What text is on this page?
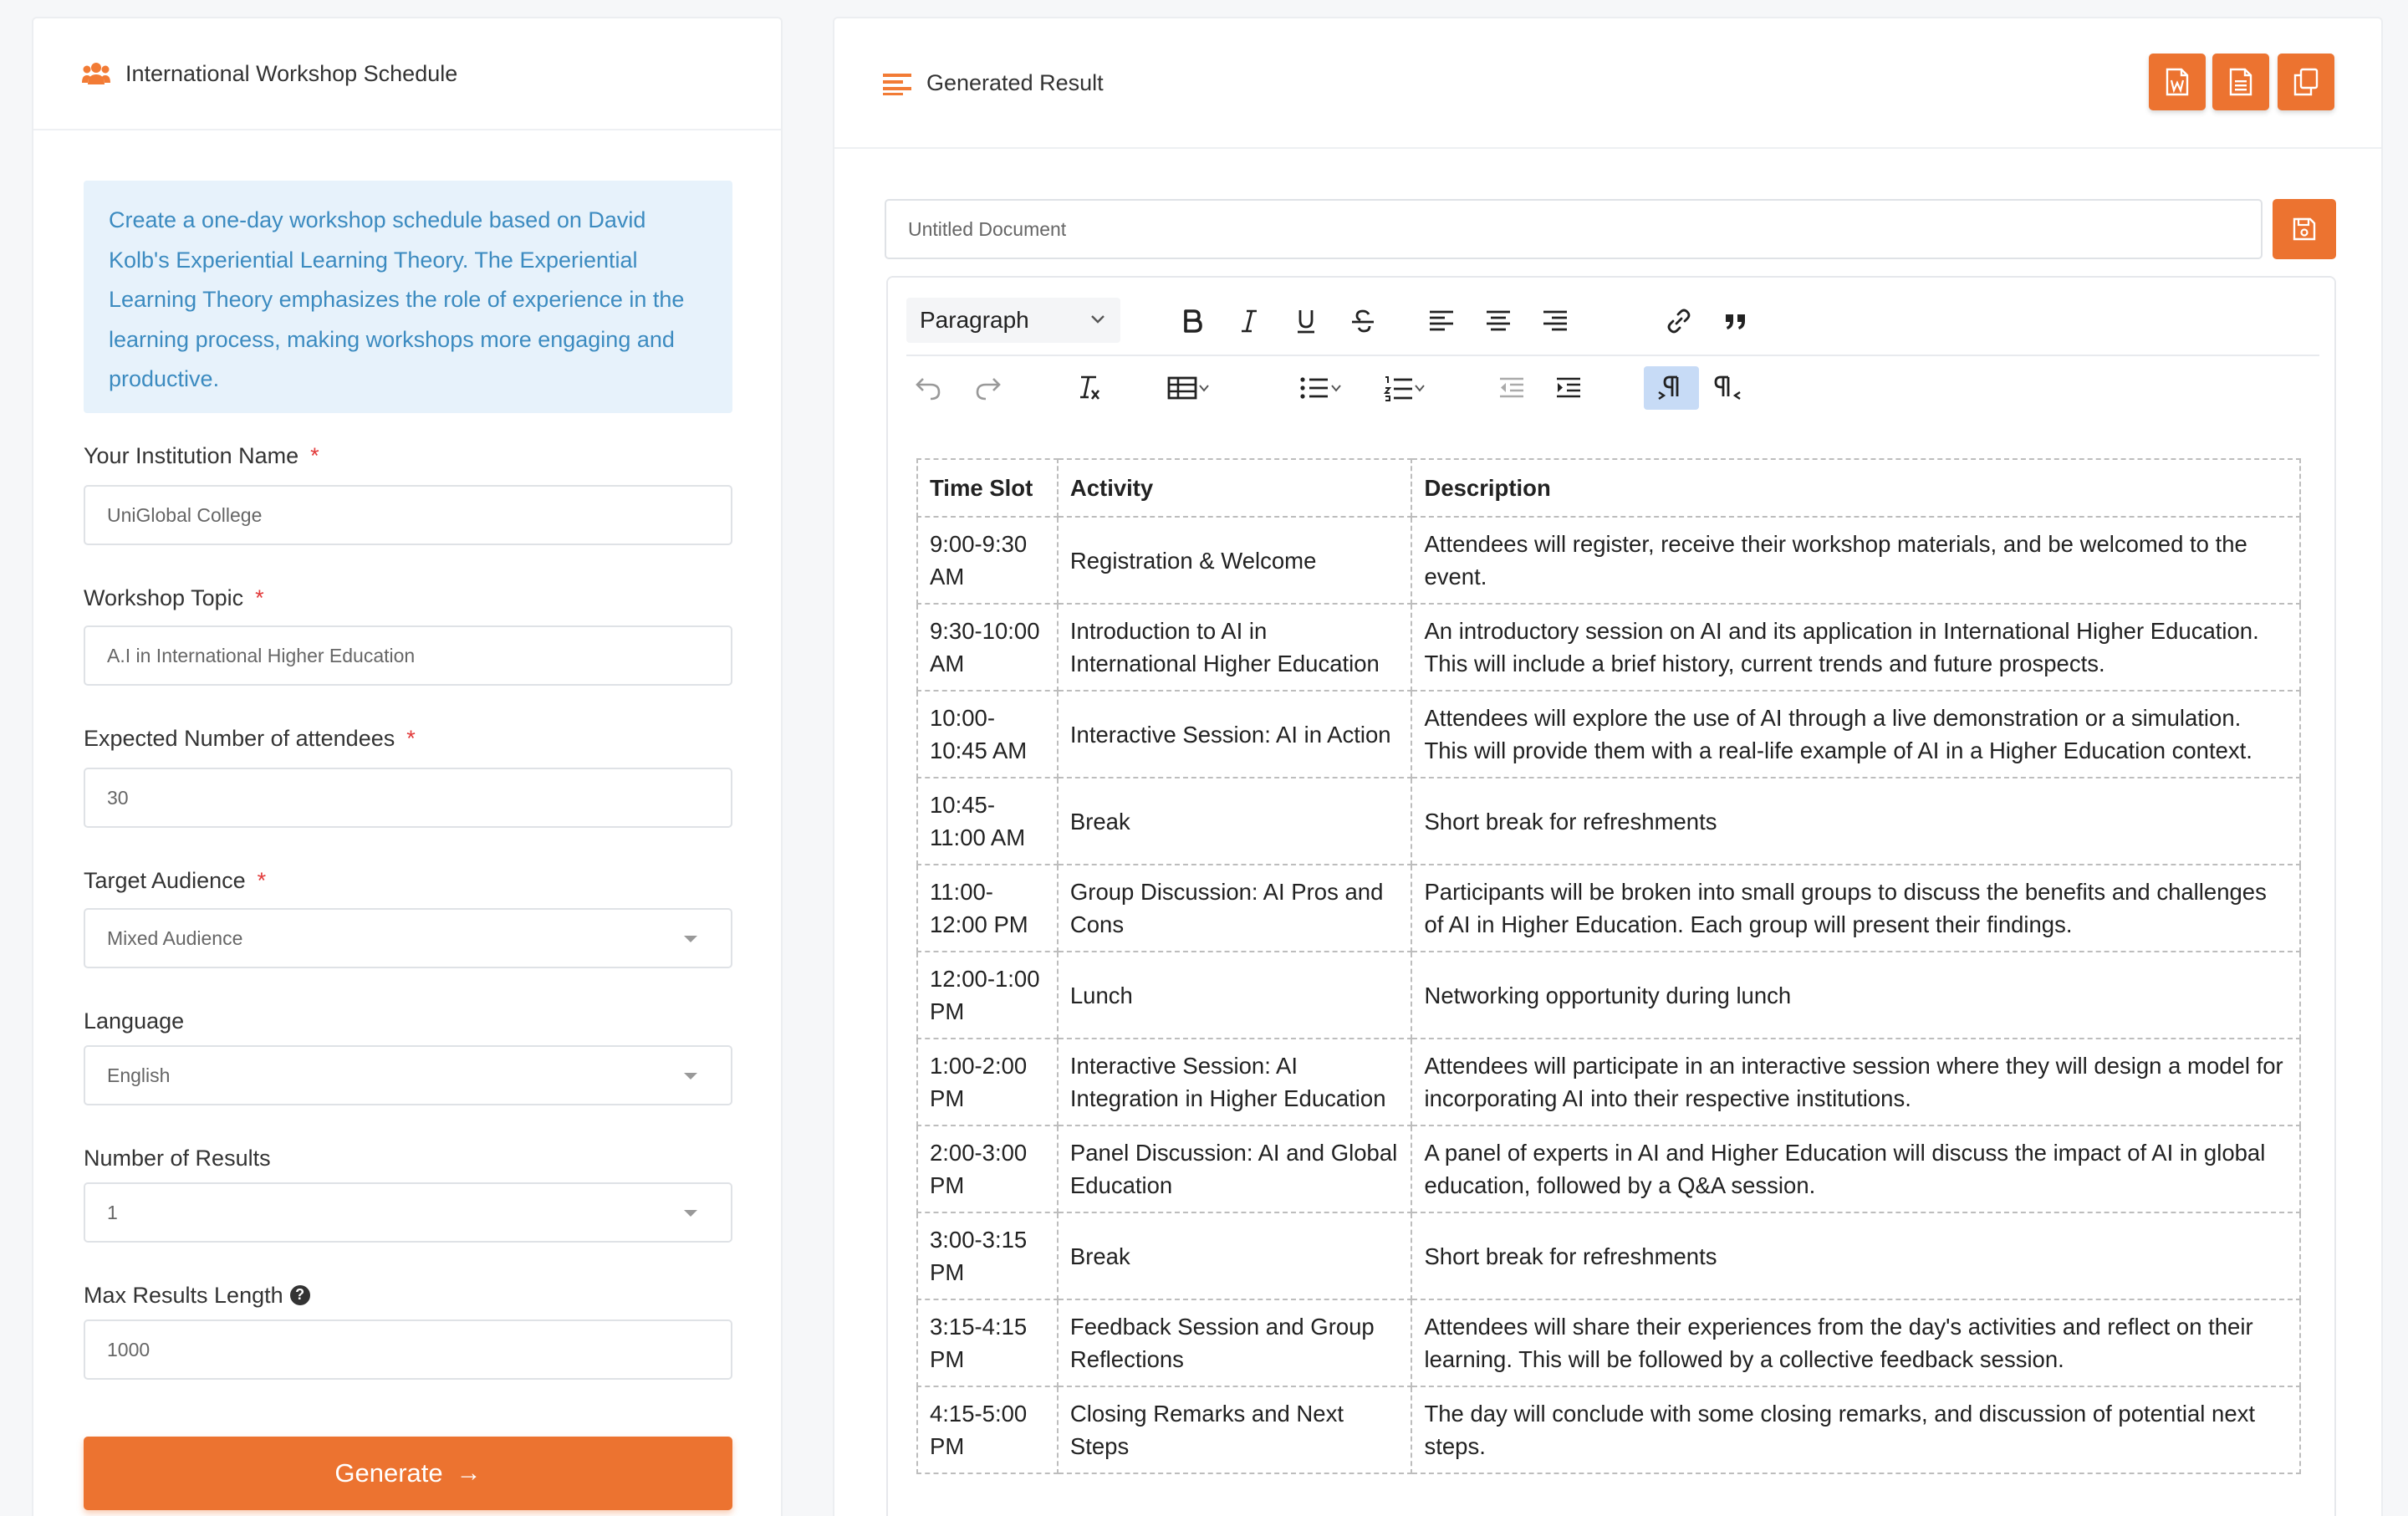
International Workshop Schedule
Create a one-day workshop schedule based on David Kolb's Experiential Learning Theory. The Experiential Learning Theory emphasizes the role of experience in the learning process, making workshops more engaging and productive.
Your Institution Name *
UniGlobal College
Workshop Topic *
A.I in International Higher Education
Expected Number of attendees *
30
Target Audience *
Mixed Audience
Language
English
Number of Results
1
Max Results Length ?
1000
Generate →
Generated Result
Untitled Document
Paragraph
Time Slot	Activity	Description
9:00-9:30 AM	Registration & Welcome	Attendees will register, receive their workshop materials, and be welcomed to the event.
9:30-10:00 AM	Introduction to AI in International Higher Education	An introductory session on AI and its application in International Higher Education. This will include a brief history, current trends and future prospects.
10:00-10:45 AM	Interactive Session: AI in Action	Attendees will explore the use of AI through a live demonstration or a simulation. This will provide them with a real-life example of AI in a Higher Education context.
10:45-11:00 AM	Break	Short break for refreshments
11:00-12:00 PM	Group Discussion: AI Pros and Cons	Participants will be broken into small groups to discuss the benefits and challenges of AI in Higher Education. Each group will present their findings.
12:00-1:00 PM	Lunch	Networking opportunity during lunch
1:00-2:00 PM	Interactive Session: AI Integration in Higher Education	Attendees will participate in an interactive session where they will design a model for incorporating AI into their respective institutions.
2:00-3:00 PM	Panel Discussion: AI and Global Education	A panel of experts in AI and Higher Education will discuss the impact of AI in global education, followed by a Q&A session.
3:00-3:15 PM	Break	Short break for refreshments
3:15-4:15 PM	Feedback Session and Group Reflections	Attendees will share their experiences from the day's activities and reflect on their learning. This will be followed by a collective feedback session.
4:15-5:00 PM	Closing Remarks and Next Steps	The day will conclude with some closing remarks, and discussion of potential next steps.
